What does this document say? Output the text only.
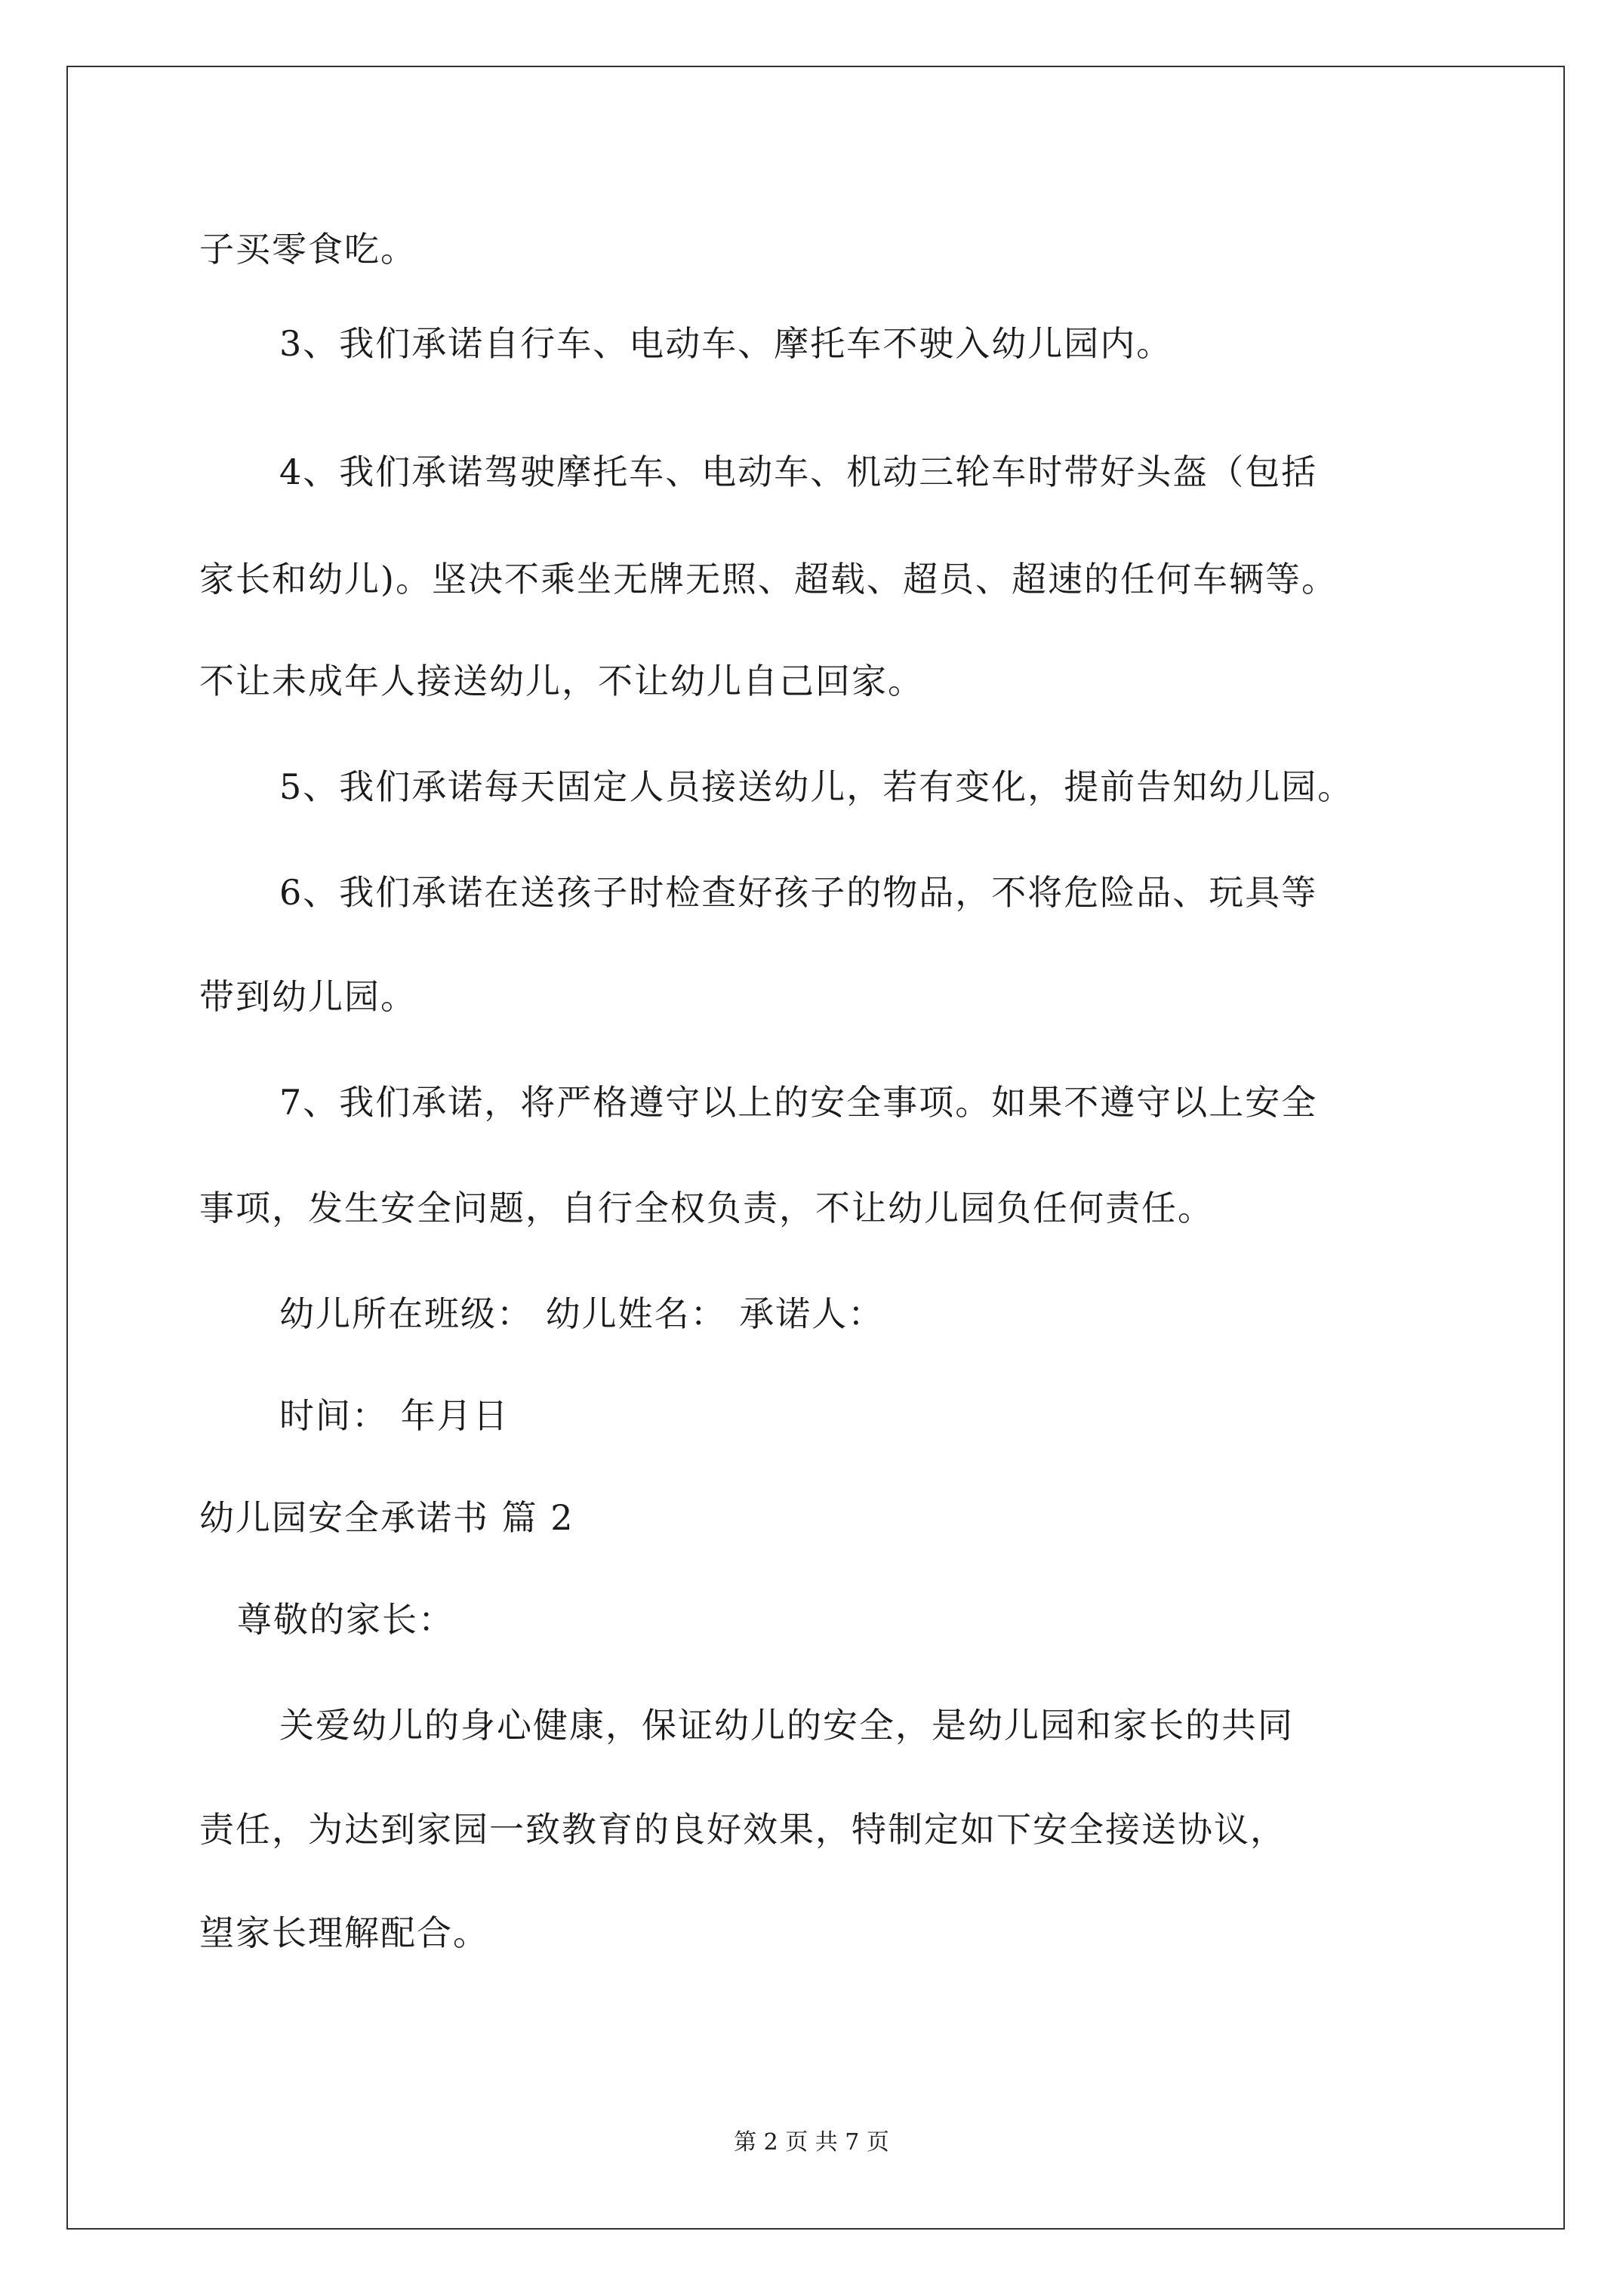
子买零食吃。
3、我们承诺自行车、电动车、摩托车不驶入幼儿园内。
4、我们承诺驾驶摩托车、电动车、机动三轮车时带好头盔（包括
家长和幼儿)。坚决不乘坐无牌无照、超载、超员、超速的任何车辆等。
不让未成年人接送幼儿，不让幼儿自己回家。
5、我们承诺每天固定人员接送幼儿，若有变化，提前告知幼儿园。
6、我们承诺在送孩子时检查好孩子的物品，不将危险品、玩具等
带到幼儿园。
7、我们承诺，将严格遵守以上的安全事项。如果不遵守以上安全
事项，发生安全问题，自行全权负责，不让幼儿园负任何责任。
幼儿所在班级： 幼儿姓名： 承诺人：
时间： 年月日
幼儿园安全承诺书 篇 2
尊敬的家长：
关爱幼儿的身心健康，保证幼儿的安全，是幼儿园和家长的共同
责任，为达到家园一致教育的良好效果，特制定如下安全接送协议，
望家长理解配合。
第 2 页 共 7 页
